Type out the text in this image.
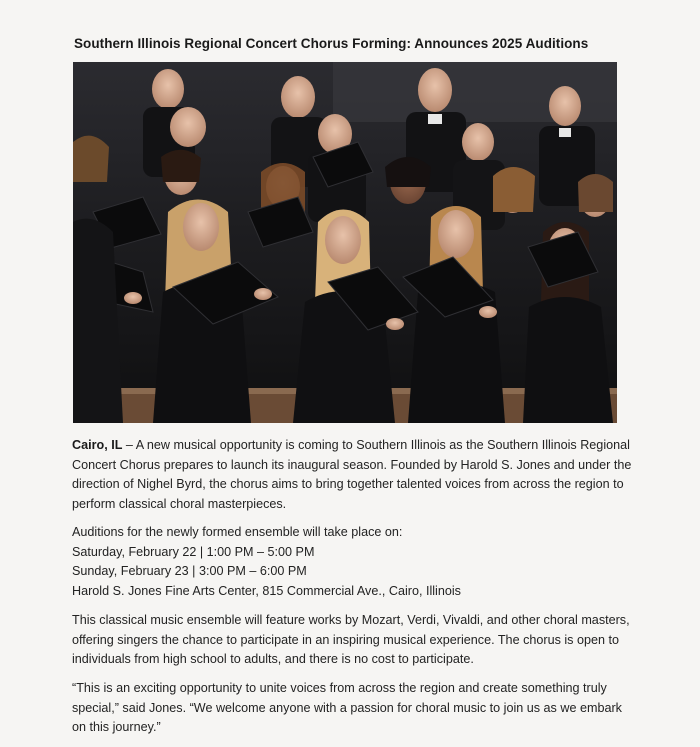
Southern Illinois Regional Concert Chorus Forming: Announces 2025 Auditions
Cairo, IL – A new musical opportunity is coming to Southern Illinois as the Southern Illinois Regional Concert Chorus prepares to launch its inaugural season. Founded by Harold S. Jones and under the direction of Nighel Byrd, the chorus aims to bring together talented voices from across the region to perform classical choral masterpieces.
Auditions for the newly formed ensemble will take place on:
Saturday, February 22 | 1:00 PM – 5:00 PM
Sunday, February 23 | 3:00 PM – 6:00 PM
Harold S. Jones Fine Arts Center, 815 Commercial Ave., Cairo, Illinois
This classical music ensemble will feature works by Mozart, Verdi, Vivaldi, and other choral masters, offering singers the chance to participate in an inspiring musical experience. The chorus is open to individuals from high school to adults, and there is no cost to participate.
“This is an exciting opportunity to unite voices from across the region and create something truly special,” said Jones. “We welcome anyone with a passion for choral music to join us as we embark on this journey.”
